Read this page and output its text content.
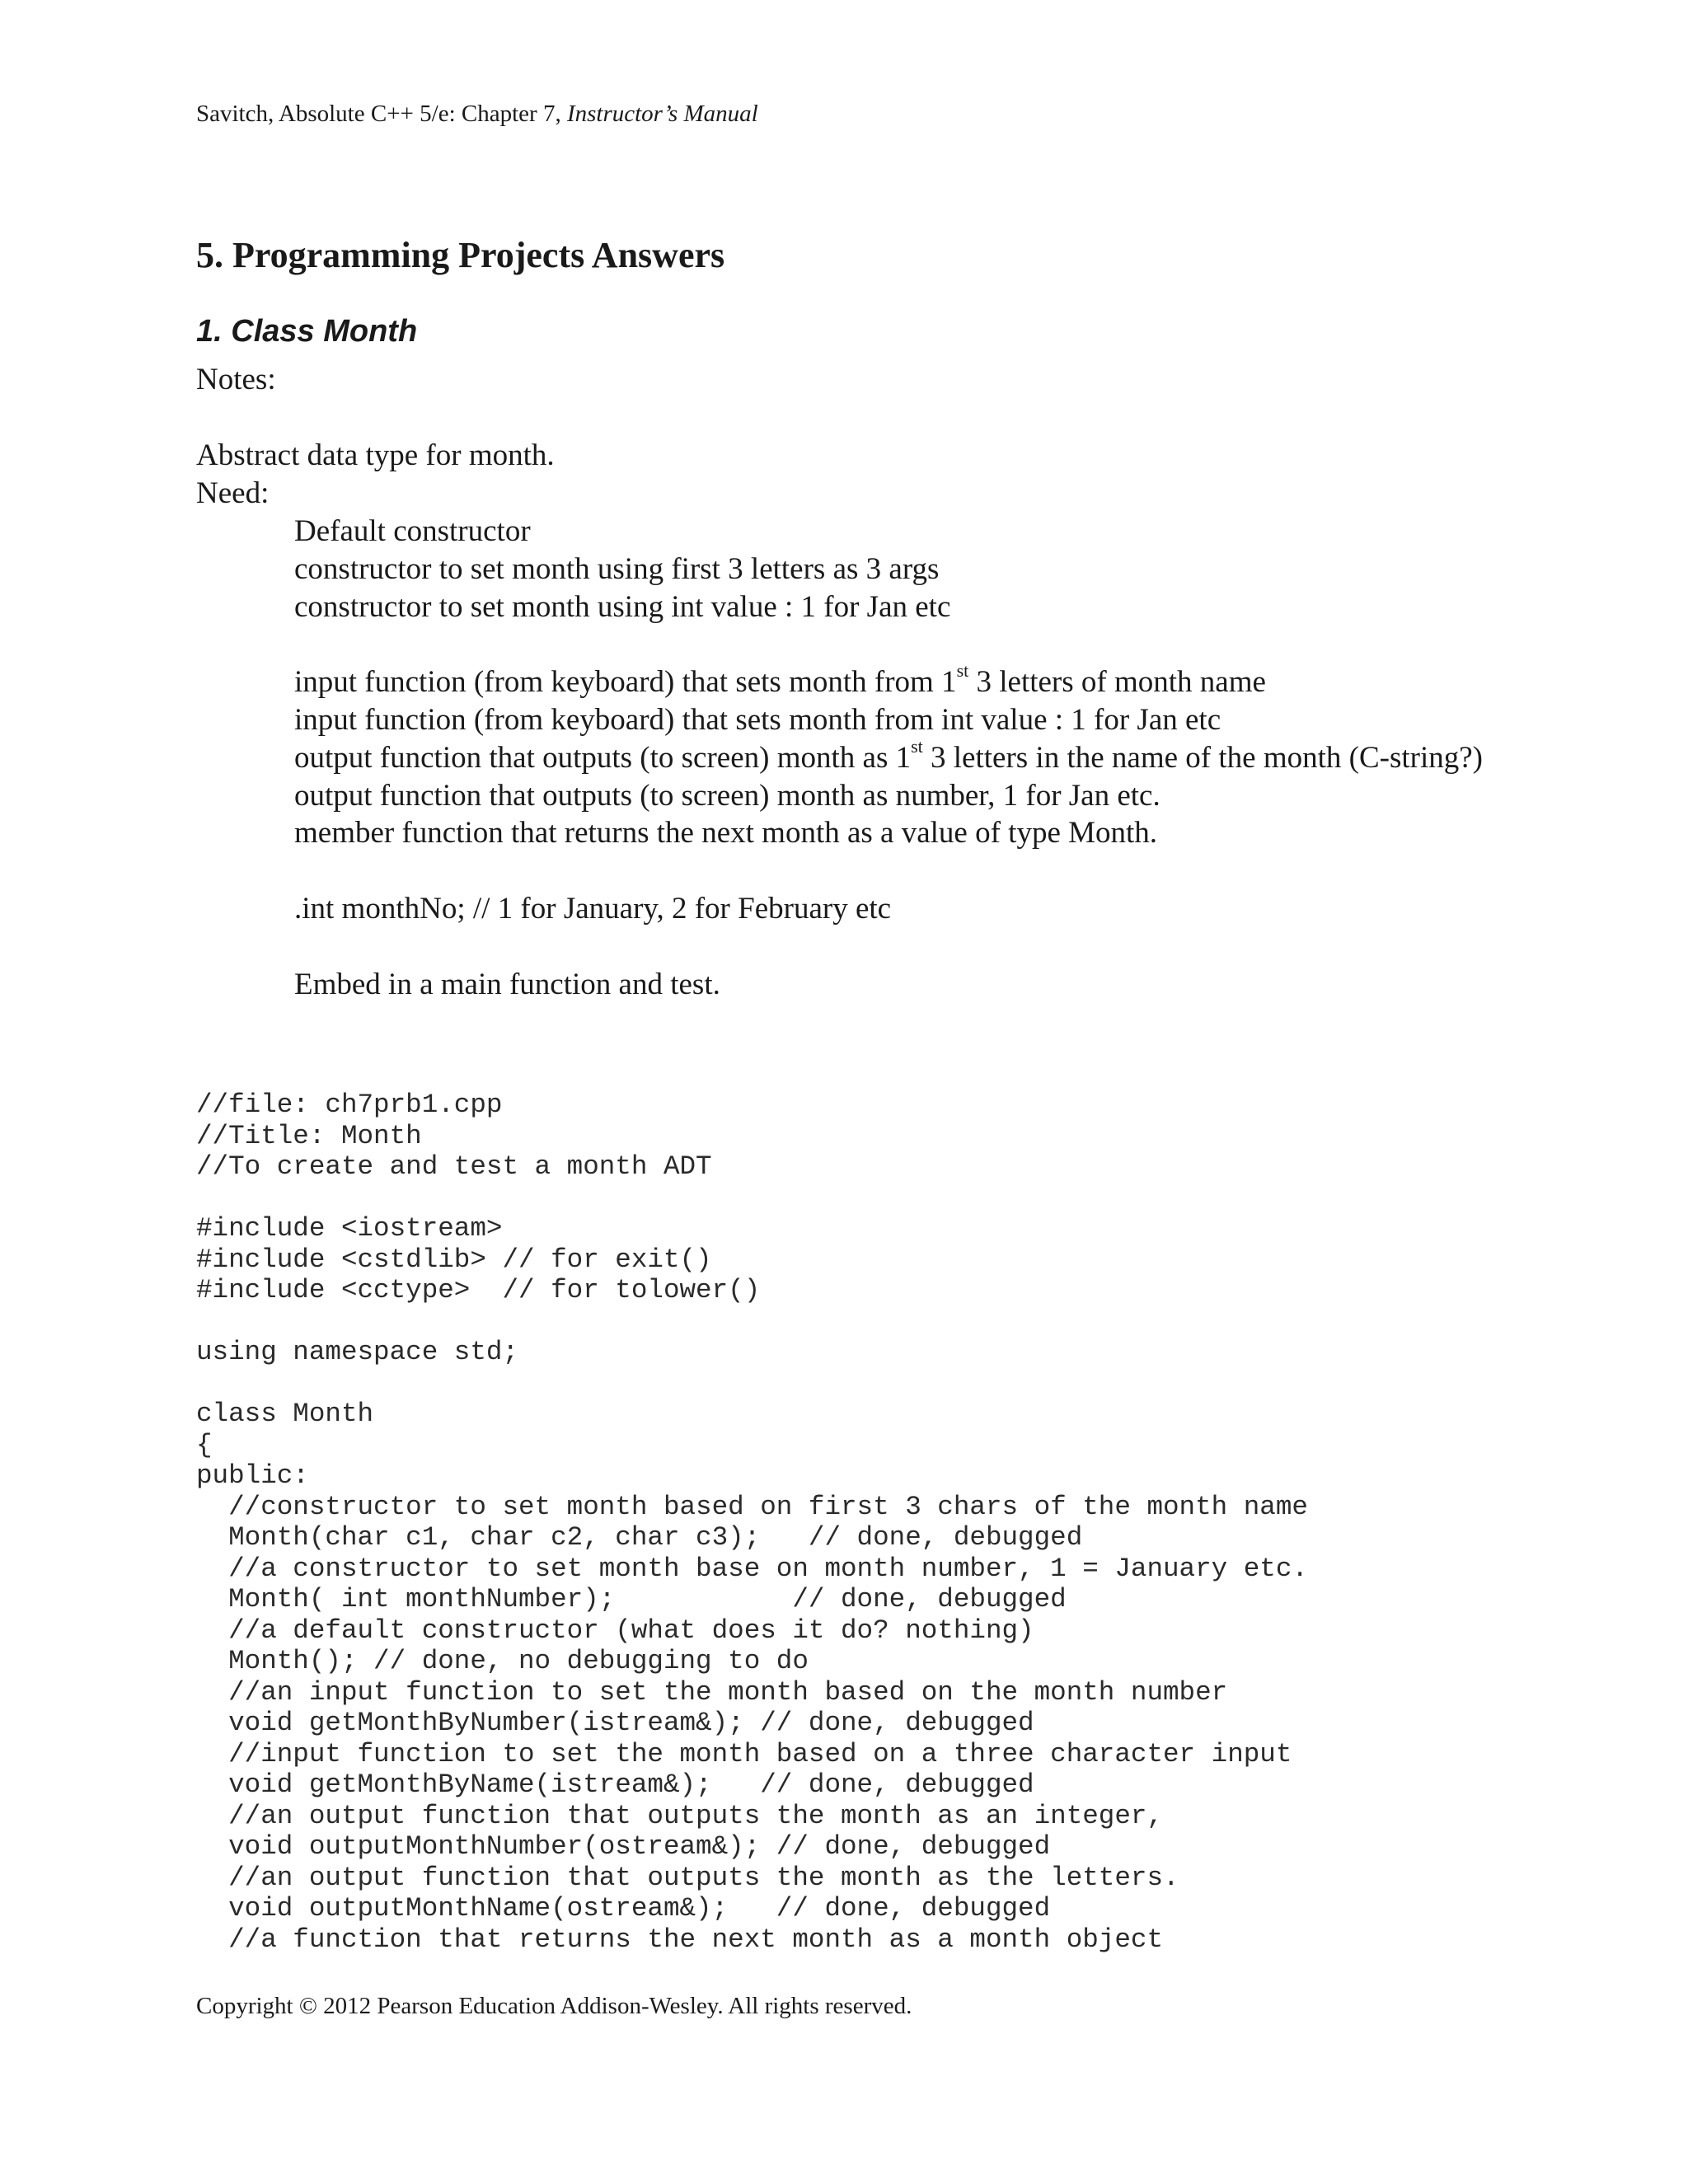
Savitch, Absolute C++ 5/e: Chapter 7, Instructor’s Manual
5. Programming Projects Answers
1. Class Month
Notes:
Abstract data type for month.
Need:
Default constructor
constructor to set month using first 3 letters as 3 args
constructor to set month using int value : 1 for Jan etc
input function (from keyboard) that sets month from 1st 3 letters of month name
input function (from keyboard) that sets month from int value : 1 for Jan etc
output function that outputs (to screen) month as 1st 3 letters in the name of the month (C-string?)
output function that outputs (to screen) month as number, 1 for Jan etc.
member function that returns the next month as a value of type Month.
.int monthNo; // 1 for January, 2 for February etc
Embed in a main function and test.
//file: ch7prb1.cpp
//Title: Month
//To create and test a month ADT
#include <iostream>
#include <cstdlib> // for exit()
#include <cctype>  // for tolower()
using namespace std;
class Month
{
public:
//constructor to set month based on first 3 chars of the month name
Month(char c1, char c2, char c3);   // done, debugged
//a constructor to set month base on month number, 1 = January etc.
Month( int monthNumber);           // done, debugged
//a default constructor (what does it do? nothing)
Month(); // done, no debugging to do
//an input function to set the month based on the month number
void getMonthByNumber(istream&); // done, debugged
//input function to set the month based on a three character input
void getMonthByName(istream&);   // done, debugged
//an output function that outputs the month as an integer,
void outputMonthNumber(ostream&); // done, debugged
//an output function that outputs the month as the letters.
void outputMonthName(ostream&);   // done, debugged
//a function that returns the next month as a month object
Copyright © 2012 Pearson Education Addison-Wesley. All rights reserved.
